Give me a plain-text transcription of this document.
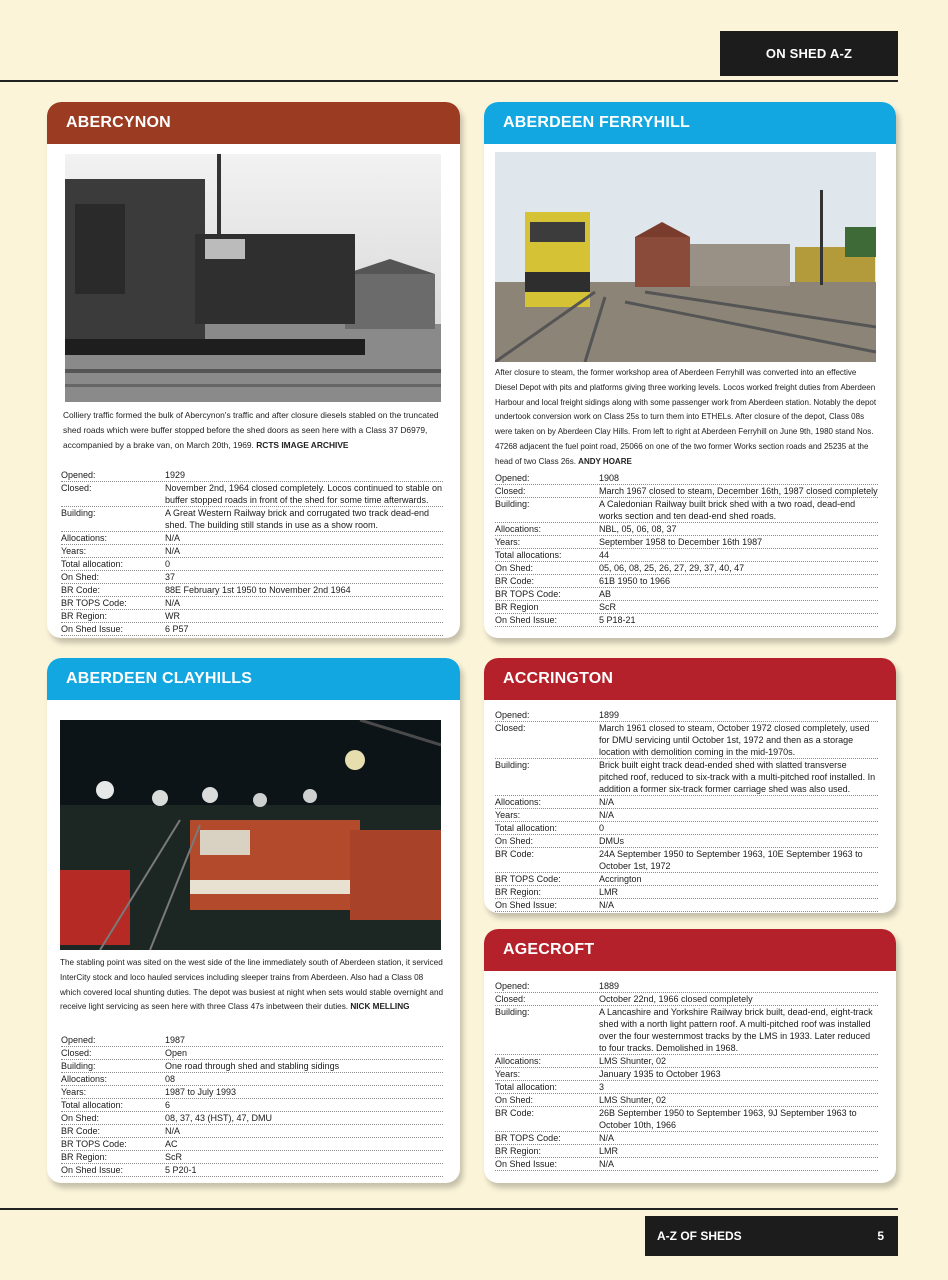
ON SHED A-Z
ABERCYNON
Colliery traffic formed the bulk of Abercynon's traffic and after closure diesels stabled on the truncated shed roads which were buffer stopped before the shed doors as seen here with a Class 37 D6979, accompanied by a brake van, on March 20th, 1969. RCTS IMAGE ARCHIVE
Opened:	1929
Closed:	November 2nd, 1964 closed completely. Locos continued to stable on buffer stopped roads in front of the shed for some time afterwards.
Building:	A Great Western Railway brick and corrugated two track dead-end shed. The building still stands in use as a show room.
Allocations:	N/A
Years:	N/A
Total allocation:	0
On Shed:	37
BR Code:	88E February 1st 1950 to November 2nd 1964
BR TOPS Code:	N/A
BR Region:	WR
On Shed Issue:	6 P57
ABERDEEN FERRYHILL
After closure to steam, the former workshop area of Aberdeen Ferryhill was converted into an effective Diesel Depot with pits and platforms giving three working levels. Locos worked freight duties from Aberdeen Harbour and local freight sidings along with some passenger work from Aberdeen station. Notably the depot undertook conversion work on Class 25s to turn them into ETHELs. After closure of the depot, Class 08s were taken on by Aberdeen Clay Hills. From left to right at Aberdeen Ferryhill on June 9th, 1980 stand Nos. 47268 adjacent the fuel point road, 25066 on one of the two former Works section roads and 25235 at the head of two Class 26s. ANDY HOARE
Opened:	1908
Closed:	March 1967 closed to steam, December 16th, 1987 closed completely
Building:	A Caledonian Railway built brick shed with a two road, dead-end works section and ten dead-end shed roads.
Allocations:	NBL, 05, 06, 08, 37
Years:	September 1958 to December 16th 1987
Total allocations:	44
On Shed:	05, 06, 08, 25, 26, 27, 29, 37, 40, 47
BR Code:	61B 1950 to 1966
BR TOPS Code:	AB
BR Region	ScR
On Shed Issue:	5 P18-21
ABERDEEN CLAYHILLS
The stabling point was sited on the west side of the line immediately south of Aberdeen station, it serviced InterCity stock and loco hauled services including sleeper trains from Aberdeen. Also had a Class 08 which covered local shunting duties. The depot was busiest at night when sets would stable overnight and receive light servicing as seen here with three Class 47s inbetween their duties. NICK MELLING
Opened:	1987
Closed:	Open
Building:	One road through shed and stabling sidings
Allocations:	08
Years:	1987 to July 1993
Total allocation:	6
On Shed:	08, 37, 43 (HST), 47, DMU
BR Code:	N/A
BR TOPS Code:	AC
BR Region:	ScR
On Shed Issue:	5 P20-1
ACCRINGTON
Opened:	1899
Closed:	March 1961 closed to steam, October 1972 closed completely, used for DMU servicing until October 1st, 1972 and then as a storage location with demolition coming in the mid-1970s.
Building:	Brick built eight track dead-ended shed with slatted transverse pitched roof, reduced to six-track with a multi-pitched roof installed. In addition a former six-track former carriage shed was also used.
Allocations:	N/A
Years:	N/A
Total allocation:	0
On Shed:	DMUs
BR Code:	24A September 1950 to September 1963, 10E September 1963 to October 1st, 1972
BR TOPS Code:	Accrington
BR Region:	LMR
On Shed Issue:	N/A
AGECROFT
Opened:	1889
Closed:	October 22nd, 1966 closed completely
Building:	A Lancashire and Yorkshire Railway brick built, dead-end, eight-track shed with a north light pattern roof. A multi-pitched roof was installed over the four westernmost tracks by the LMS in 1933. Later reduced to four tracks. Demolished in 1968.
Allocations:	LMS Shunter, 02
Years:	January 1935 to October 1963
Total allocation:	3
On Shed:	LMS Shunter, 02
BR Code:	26B September 1950 to September 1963, 9J September 1963 to October 10th, 1966
BR TOPS Code:	N/A
BR Region:	LMR
On Shed Issue:	N/A
A-Z OF SHEDS	5
